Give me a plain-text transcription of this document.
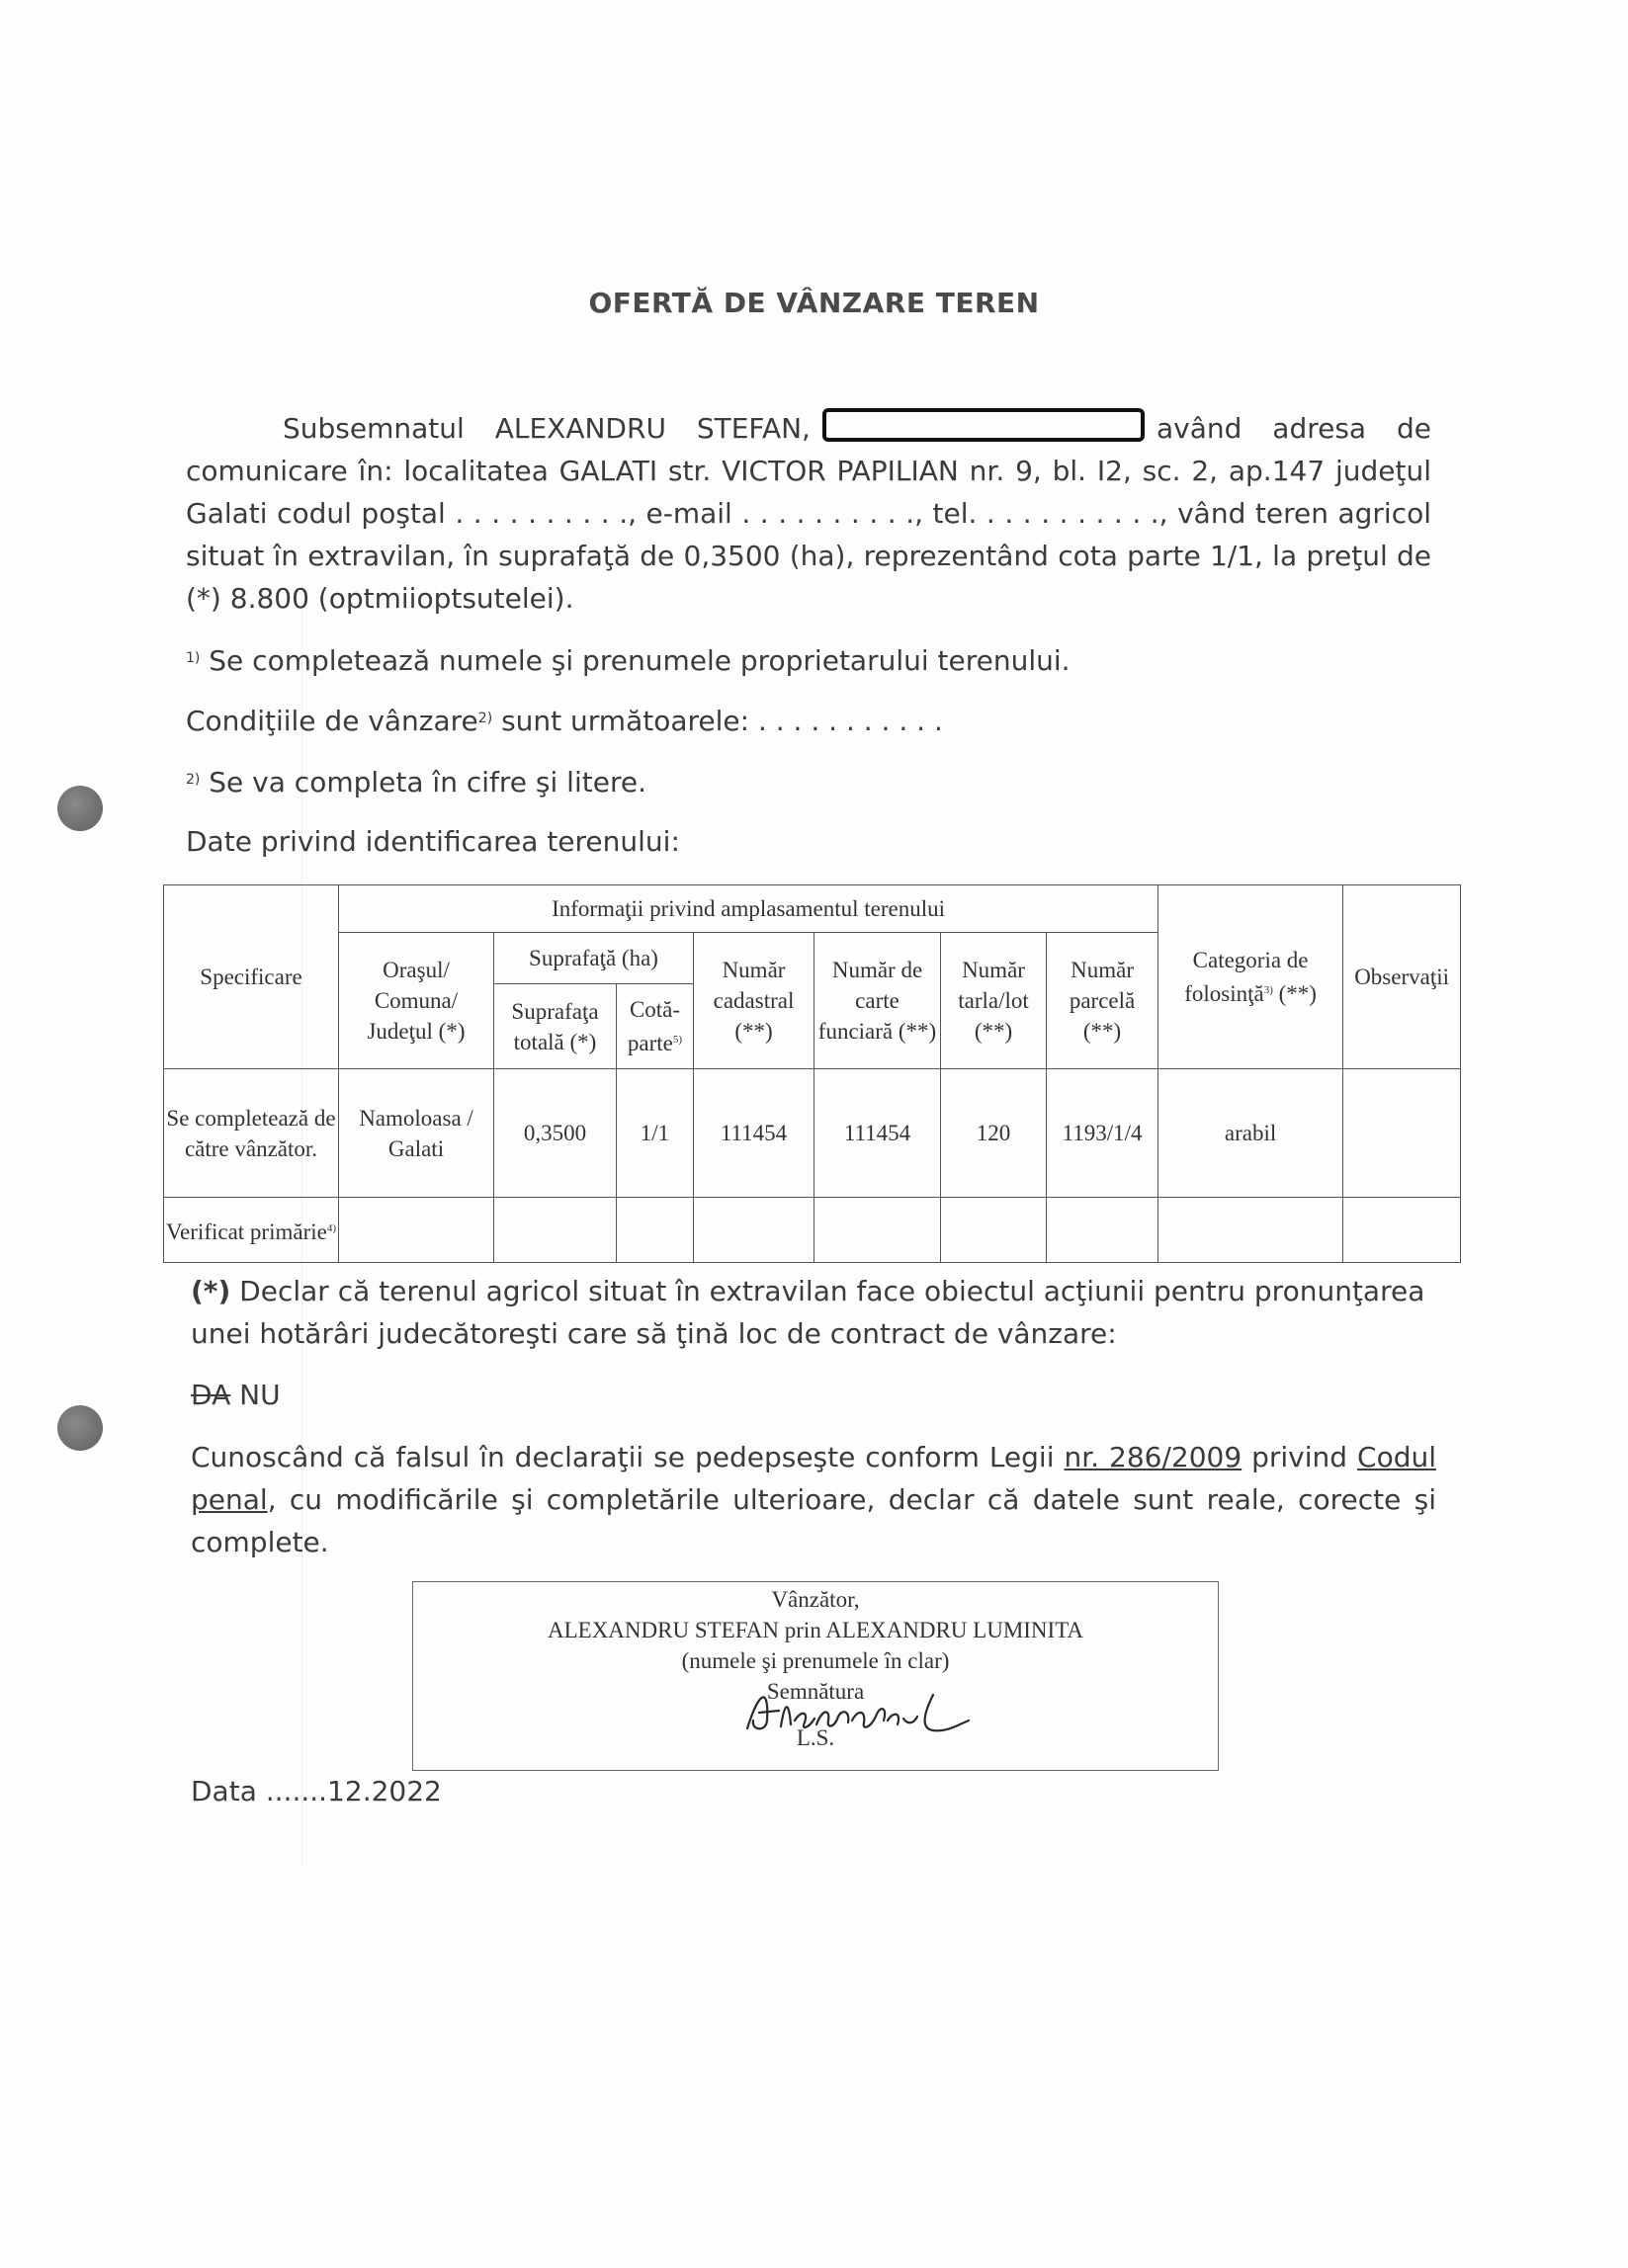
OFERTĂ DE VÂNZARE TEREN
Subsemnatul ALEXANDRU STEFAN,	având adresa de comunicare în: localitatea GALATI str. VICTOR PAPILIAN nr. 9, bl. I2, sc. 2, ap.147 judeţul Galati codul poştal . . . . . . . . . ., e-mail . . . . . . . . . ., tel. . . . . . . . . . ., vând teren agricol situat în extravilan, în suprafaţă de 0,3500 (ha), reprezentând cota parte 1/1, la preţul de (*) 8.800 (optmiioptsutelei).
$^{1)}$ Se completează numele şi prenumele proprietarului terenului.
Condiţiile de vânzare$^{2)}$ sunt următoarele: . . . . . . . . . . .
$^{2)}$ Se va completa în cifre şi litere.
Date privind identificarea terenului:
Specificare	Informaţii privind amplasamentul terenului							Categoria de folosinţă$^{3)}$ (**)	Observaţii
	Oraşul/ Comuna/ Judeţul (*)	Suprafaţă (ha)		Număr cadastral (**)	Număr de carte funciară (**)	Număr tarla/lot (**)	Număr parcelă (**)		
		Suprafaţa totală (*)	Cotă-parte$^{5)}$
Se completează de către vânzător.	Namoloasa / Galati	0,3500	1/1	111454	111454	120	1193/1/4	arabil	
Verificat primărie$^{4)}$									
(*) Declar că terenul agricol situat în extravilan face obiectul acţiunii pentru pronunţarea unei hotărâri judecătoreşti care să ţină loc de contract de vânzare:
DA NU
Cunoscând că falsul în declaraţii se pedepseşte conform Legii nr. 286/2009 privind Codul penal, cu modificările şi completările ulterioare, declar că datele sunt reale, corecte şi complete.
Vânzător,
ALEXANDRU STEFAN prin ALEXANDRU LUMINITA
(numele şi prenumele în clar)
Semnătura
L.S.
Data .......12.2022
